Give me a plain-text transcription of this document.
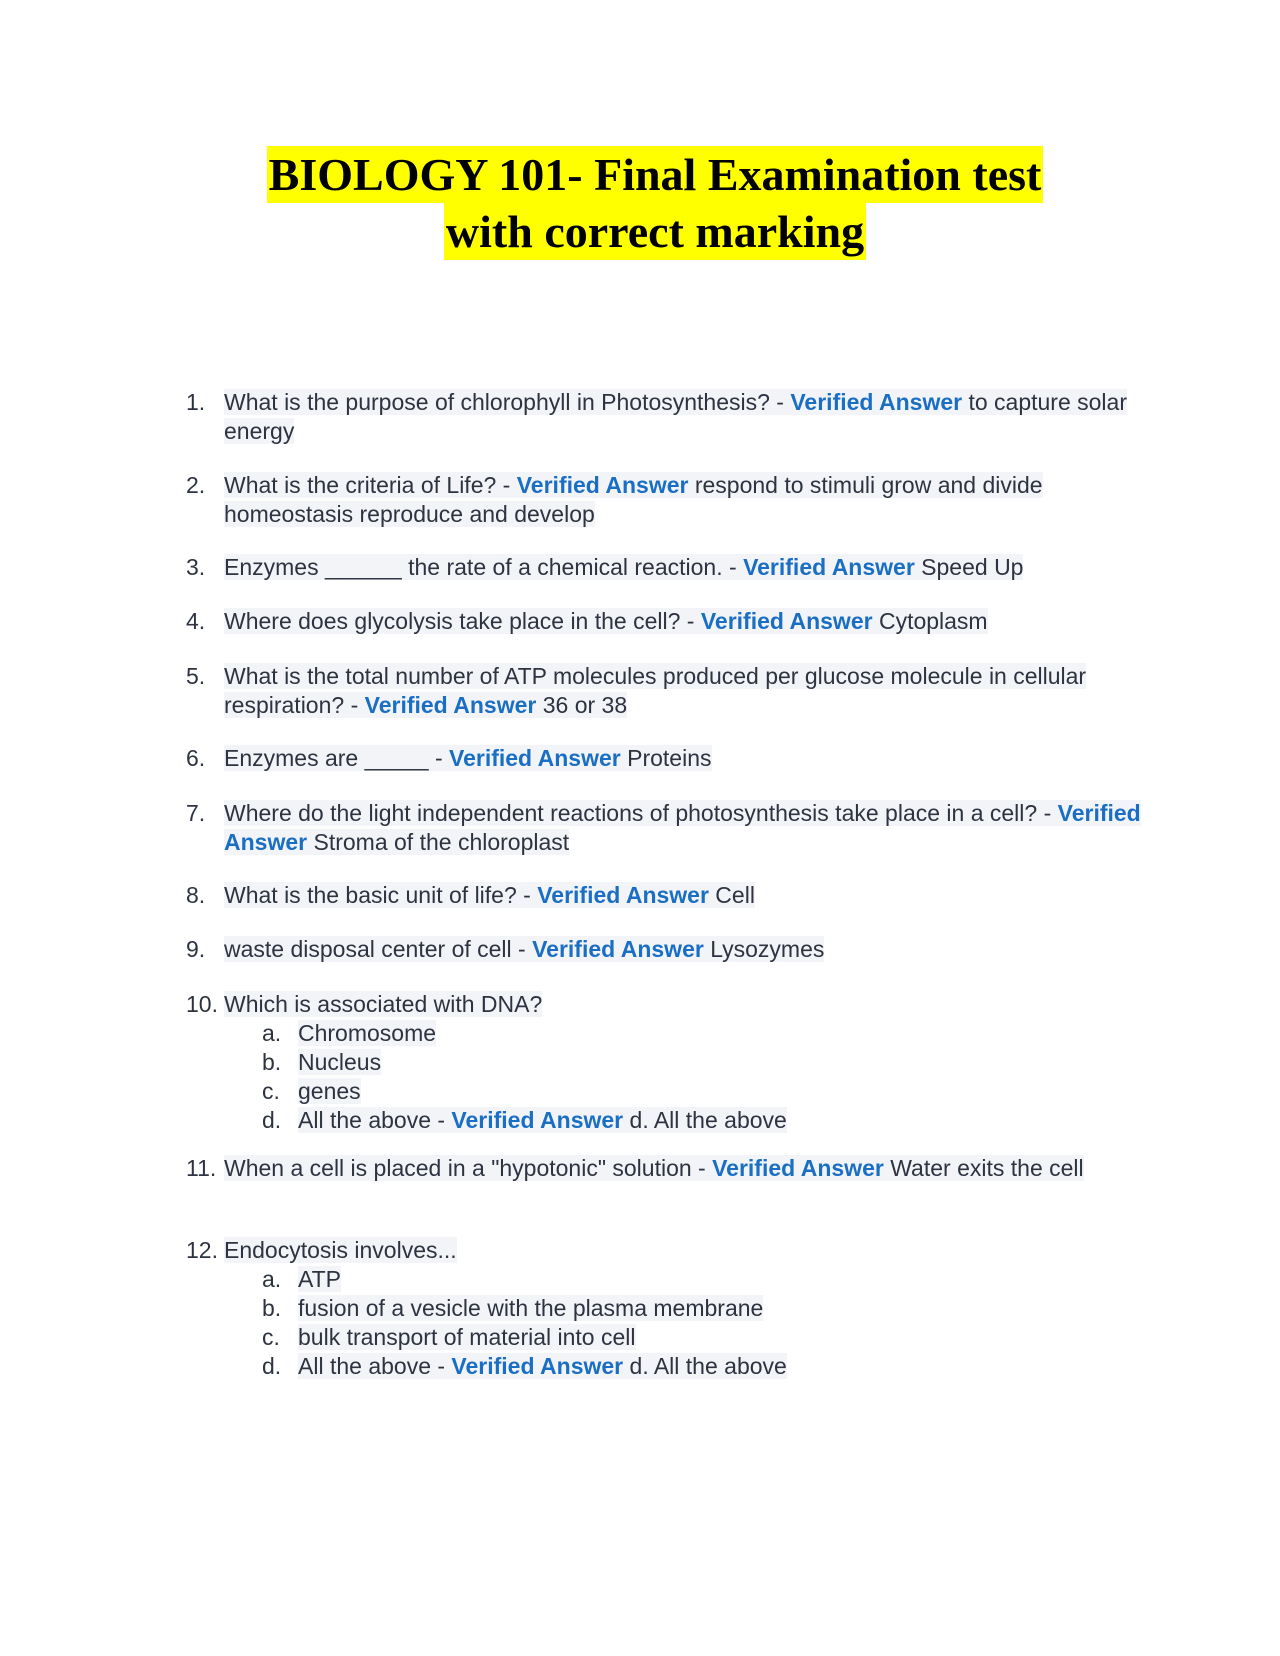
BIOLOGY 101- Final Examination test
with correct marking
1. What is the purpose of chlorophyll in Photosynthesis? - Verified Answer to capture solar energy
2. What is the criteria of Life? - Verified Answer respond to stimuli grow and divide homeostasis reproduce and develop
3. Enzymes ______ the rate of a chemical reaction. - Verified Answer Speed Up
4. Where does glycolysis take place in the cell? - Verified Answer Cytoplasm
5. What is the total number of ATP molecules produced per glucose molecule in cellular respiration? - Verified Answer 36 or 38
6. Enzymes are _____ - Verified Answer Proteins
7. Where do the light independent reactions of photosynthesis take place in a cell? - Verified Answer Stroma of the chloroplast
8. What is the basic unit of life? - Verified Answer Cell
9. waste disposal center of cell - Verified Answer Lysozymes
10. Which is associated with DNA?
a. Chromosome
b. Nucleus
c. genes
d. All the above - Verified Answer d. All the above
11. When a cell is placed in a "hypotonic" solution - Verified Answer Water exits the cell
12. Endocytosis involves...
a. ATP
b. fusion of a vesicle with the plasma membrane
c. bulk transport of material into cell
d. All the above - Verified Answer d. All the above
